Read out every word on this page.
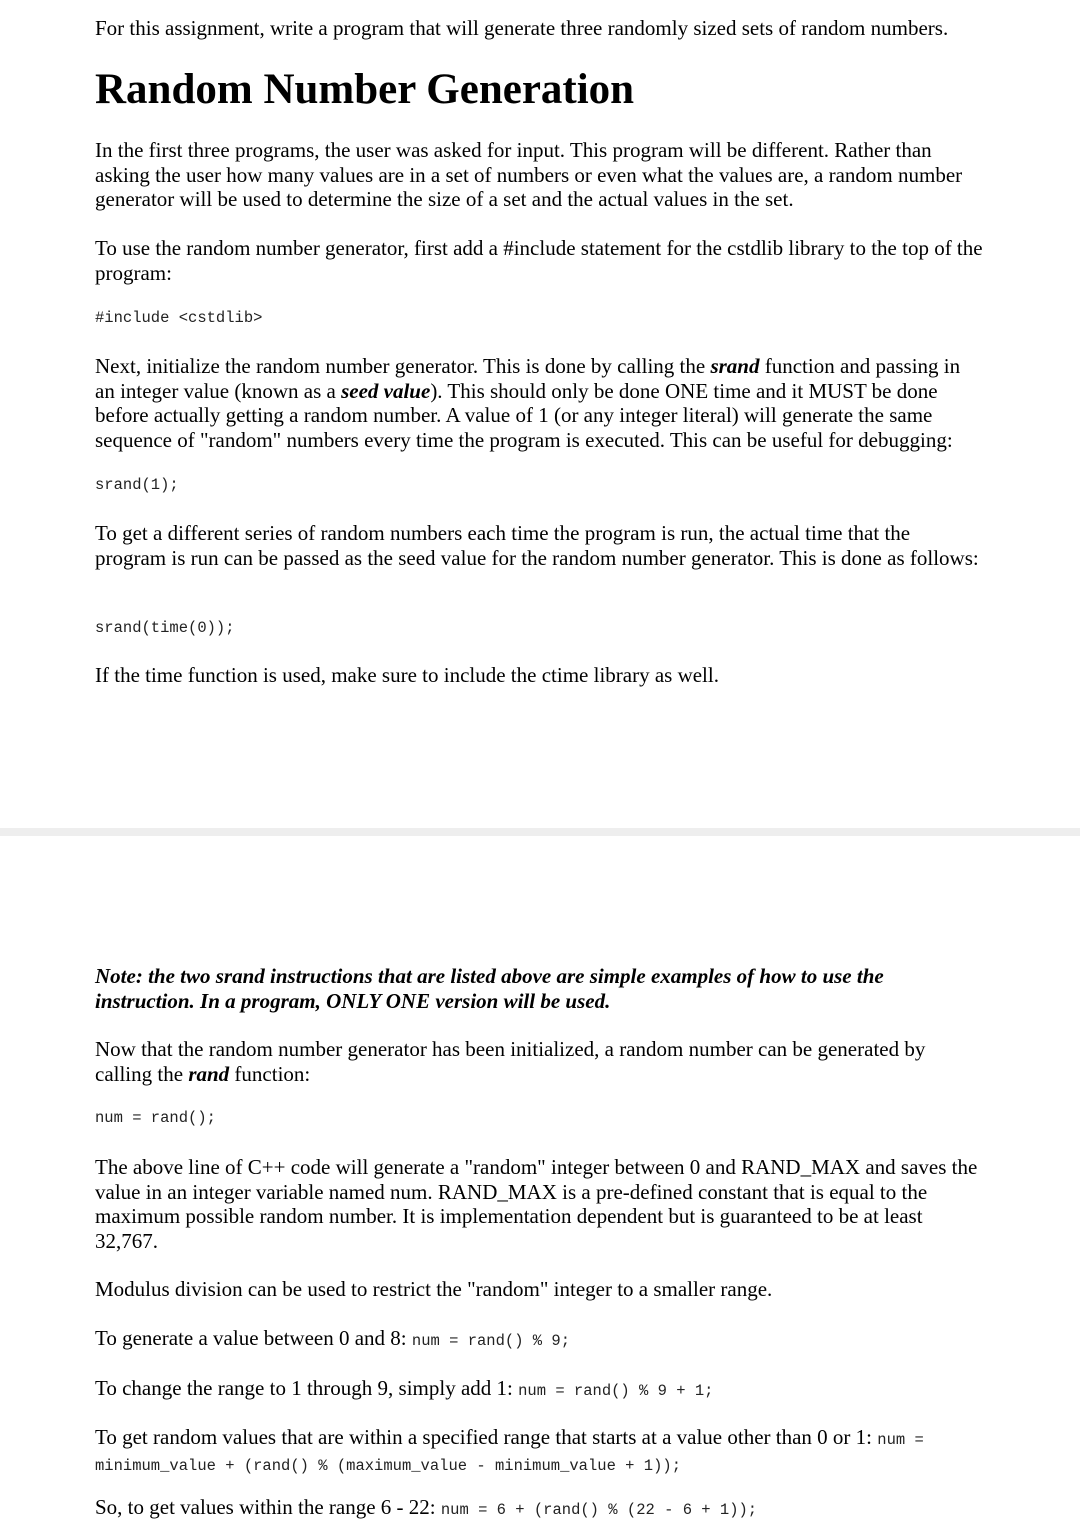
For this assignment, write a program that will generate three randomly sized sets of random numbers.

Random Number Generation

In the first three programs, the user was asked for input. This program will be different. Rather than asking the user how many values are in a set of numbers or even what the values are, a random number generator will be used to determine the size of a set and the actual values in the set.

To use the random number generator, first add a #include statement for the cstdlib library to the top of the program:

#include <cstdlib>

Next, initialize the random number generator. This is done by calling the srand function and passing in an integer value (known as a seed value). This should only be done ONE time and it MUST be done before actually getting a random number. A value of 1 (or any integer literal) will generate the same sequence of "random" numbers every time the program is executed. This can be useful for debugging:

srand(1);

To get a different series of random numbers each time the program is run, the actual time that the program is run can be passed as the seed value for the random number generator. This is done as follows:

srand(time(0));

If the time function is used, make sure to include the ctime library as well.

Note: the two srand instructions that are listed above are simple examples of how to use the instruction. In a program, ONLY ONE version will be used.

Now that the random number generator has been initialized, a random number can be generated by calling the rand function:

num = rand();

The above line of C++ code will generate a "random" integer between 0 and RAND_MAX and saves the value in an integer variable named num. RAND_MAX is a pre-defined constant that is equal to the maximum possible random number. It is implementation dependent but is guaranteed to be at least 32,767.

Modulus division can be used to restrict the "random" integer to a smaller range.

To generate a value between 0 and 8: num = rand() % 9;

To change the range to 1 through 9, simply add 1: num = rand() % 9 + 1;

To get random values that are within a specified range that starts at a value other than 0 or 1: num = minimum_value + (rand() % (maximum_value - minimum_value + 1));

So, to get values within the range 6 - 22: num = 6 + (rand() % (22 - 6 + 1));
